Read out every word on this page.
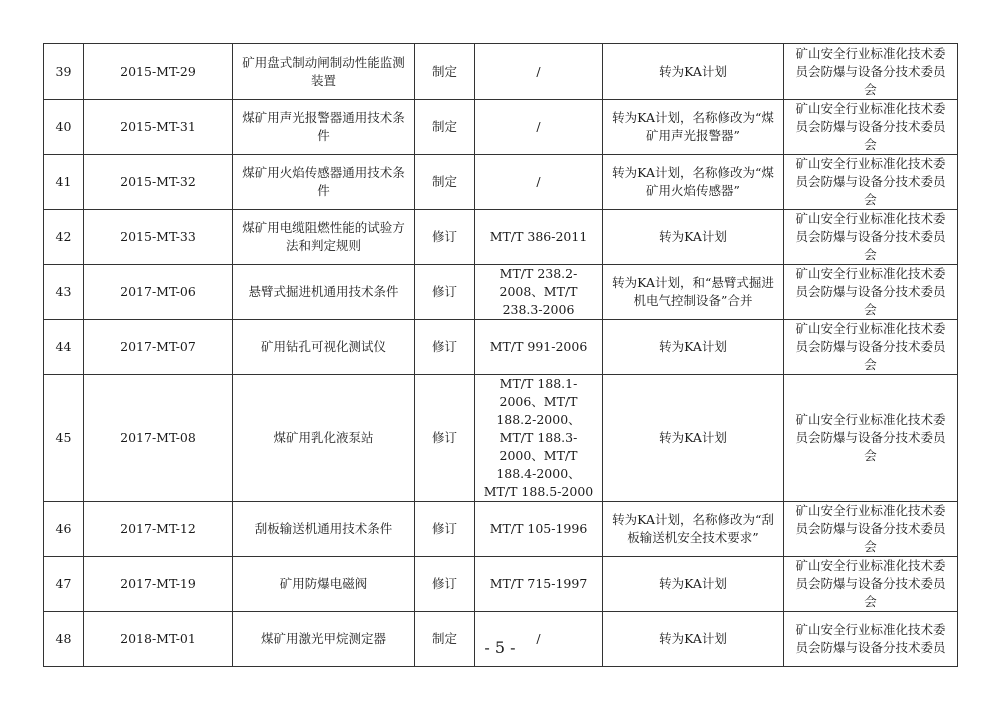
39	2015-MT-29	矿用盘式制动闸制动性能监测装置	制定	/	转为KA计划	矿山安全行业标准化技术委员会防爆与设备分技术委员会
40	2015-MT-31	煤矿用声光报警器通用技术条件	制定	/	转为KA计划，名称修改为“煤矿用声光报警器”	矿山安全行业标准化技术委员会防爆与设备分技术委员会
41	2015-MT-32	煤矿用火焰传感器通用技术条件	制定	/	转为KA计划，名称修改为“煤矿用火焰传感器”	矿山安全行业标准化技术委员会防爆与设备分技术委员会
42	2015-MT-33	煤矿用电缆阻燃性能的试验方法和判定规则	修订	MT/T 386-2011	转为KA计划	矿山安全行业标准化技术委员会防爆与设备分技术委员会
43	2017-MT-06	悬臂式掘进机通用技术条件	修订	MT/T 238.2-2008、MT/T 238.3-2006	转为KA计划，和“悬臂式掘进机电气控制设备”合并	矿山安全行业标准化技术委员会防爆与设备分技术委员会
44	2017-MT-07	矿用钻孔可视化测试仪	修订	MT/T 991-2006	转为KA计划	矿山安全行业标准化技术委员会防爆与设备分技术委员会
45	2017-MT-08	煤矿用乳化液泵站	修订	MT/T 188.1-2006、MT/T 188.2-2000、MT/T 188.3-2000、MT/T 188.4-2000、MT/T 188.5-2000	转为KA计划	矿山安全行业标准化技术委员会防爆与设备分技术委员会
46	2017-MT-12	刮板输送机通用技术条件	修订	MT/T 105-1996	转为KA计划，名称修改为“刮板输送机安全技术要求”	矿山安全行业标准化技术委员会防爆与设备分技术委员会
47	2017-MT-19	矿用防爆电磁阀	修订	MT/T 715-1997	转为KA计划	矿山安全行业标准化技术委员会防爆与设备分技术委员会
48	2018-MT-01	煤矿用激光甲烷测定器	制定	/	转为KA计划	矿山安全行业标准化技术委员会防爆与设备分技术委员
- 5 -
